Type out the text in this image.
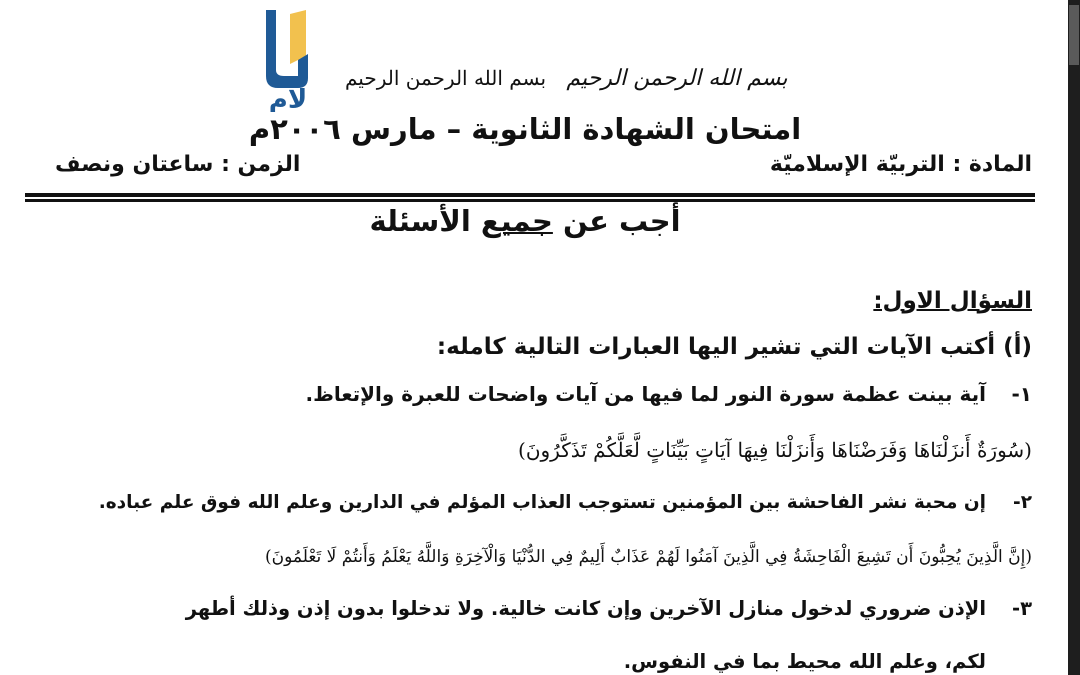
لام
بسم الله الرحمن الرحيم بسم الله الرحمن الرحيم
امتحان الشهادة الثانوية – مارس ٢٠٠٦م
المادة : التربيّة الإسلاميّة
الزمن : ساعتان ونصف
أجب عن جميع الأسئلة
السؤال الاول:
(أ) أكتب الآيات التي تشير اليها العبارات التالية كامله:
١-آية بينت عظمة سورة النور لما فيها من آيات واضحات للعبرة والإتعاظ.
(سُورَةٌ أَنزَلْنَاهَا وَفَرَضْنَاهَا وَأَنزَلْنَا فِيهَا آيَاتٍ بَيِّنَاتٍ لَّعَلَّكُمْ تَذَكَّرُونَ)
٢-إن محبة نشر الفاحشة بين المؤمنين تستوجب العذاب المؤلم في الدارين وعلم الله فوق علم عباده.
(إِنَّ الَّذِينَ يُحِبُّونَ أَن تَشِيعَ الْفَاحِشَةُ فِي الَّذِينَ آمَنُوا لَهُمْ عَذَابٌ أَلِيمٌ فِي الدُّنْيَا وَالْآخِرَةِ وَاللَّهُ يَعْلَمُ وَأَنتُمْ لَا تَعْلَمُونَ)
٣-الإذن ضروري لدخول منازل الآخرين وإن كانت خالية. ولا تدخلوا بدون إذن وذلك أطهر
لكم، وعلم الله محيط بما في النفوس.
